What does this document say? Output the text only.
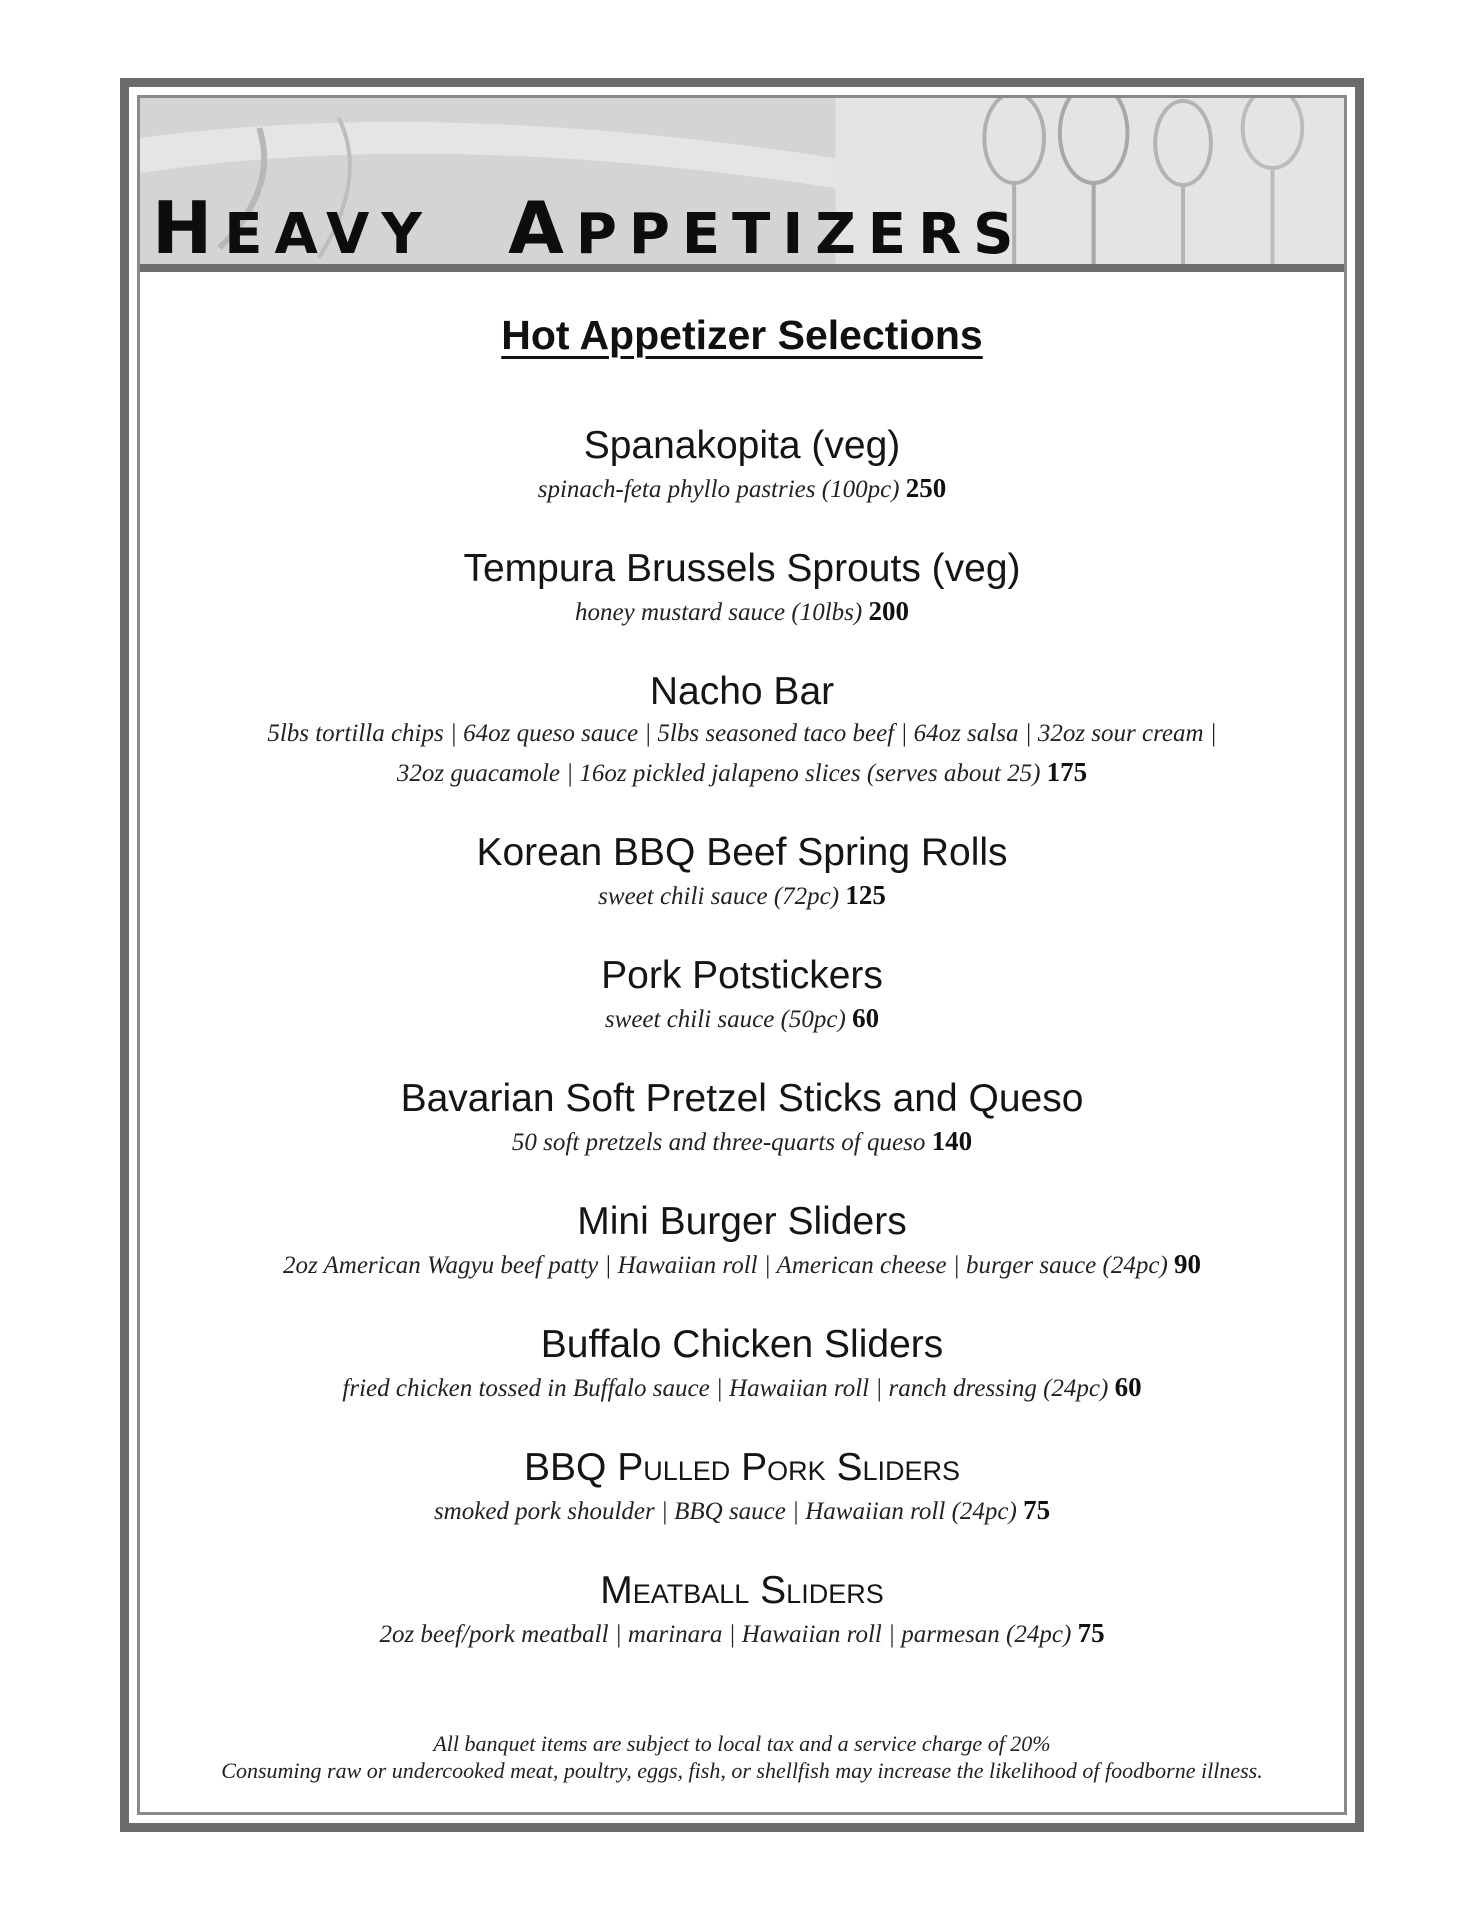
HEAVY APPETIZERS
Hot Appetizer Selections
Spanakopita (veg)
spinach-feta phyllo pastries (100pc) 250
Tempura Brussels Sprouts (veg)
honey mustard sauce (10lbs) 200
Nacho Bar
5lbs tortilla chips | 64oz queso sauce | 5lbs seasoned taco beef | 64oz salsa | 32oz sour cream |
32oz guacamole | 16oz pickled jalapeno slices (serves about 25) 175
Korean BBQ Beef Spring Rolls
sweet chili sauce (72pc) 125
Pork Potstickers
sweet chili sauce (50pc) 60
Bavarian Soft Pretzel Sticks and Queso
50 soft pretzels and three-quarts of queso 140
Mini Burger Sliders
2oz American Wagyu beef patty | Hawaiian roll | American cheese | burger sauce (24pc) 90
Buffalo Chicken Sliders
fried chicken tossed in Buffalo sauce | Hawaiian roll | ranch dressing (24pc) 60
BBQ Pulled Pork Sliders
smoked pork shoulder | BBQ sauce | Hawaiian roll (24pc) 75
Meatball Sliders
2oz beef/pork meatball | marinara | Hawaiian roll | parmesan (24pc) 75
All banquet items are subject to local tax and a service charge of 20%
Consuming raw or undercooked meat, poultry, eggs, fish, or shellfish may increase the likelihood of foodborne illness.
